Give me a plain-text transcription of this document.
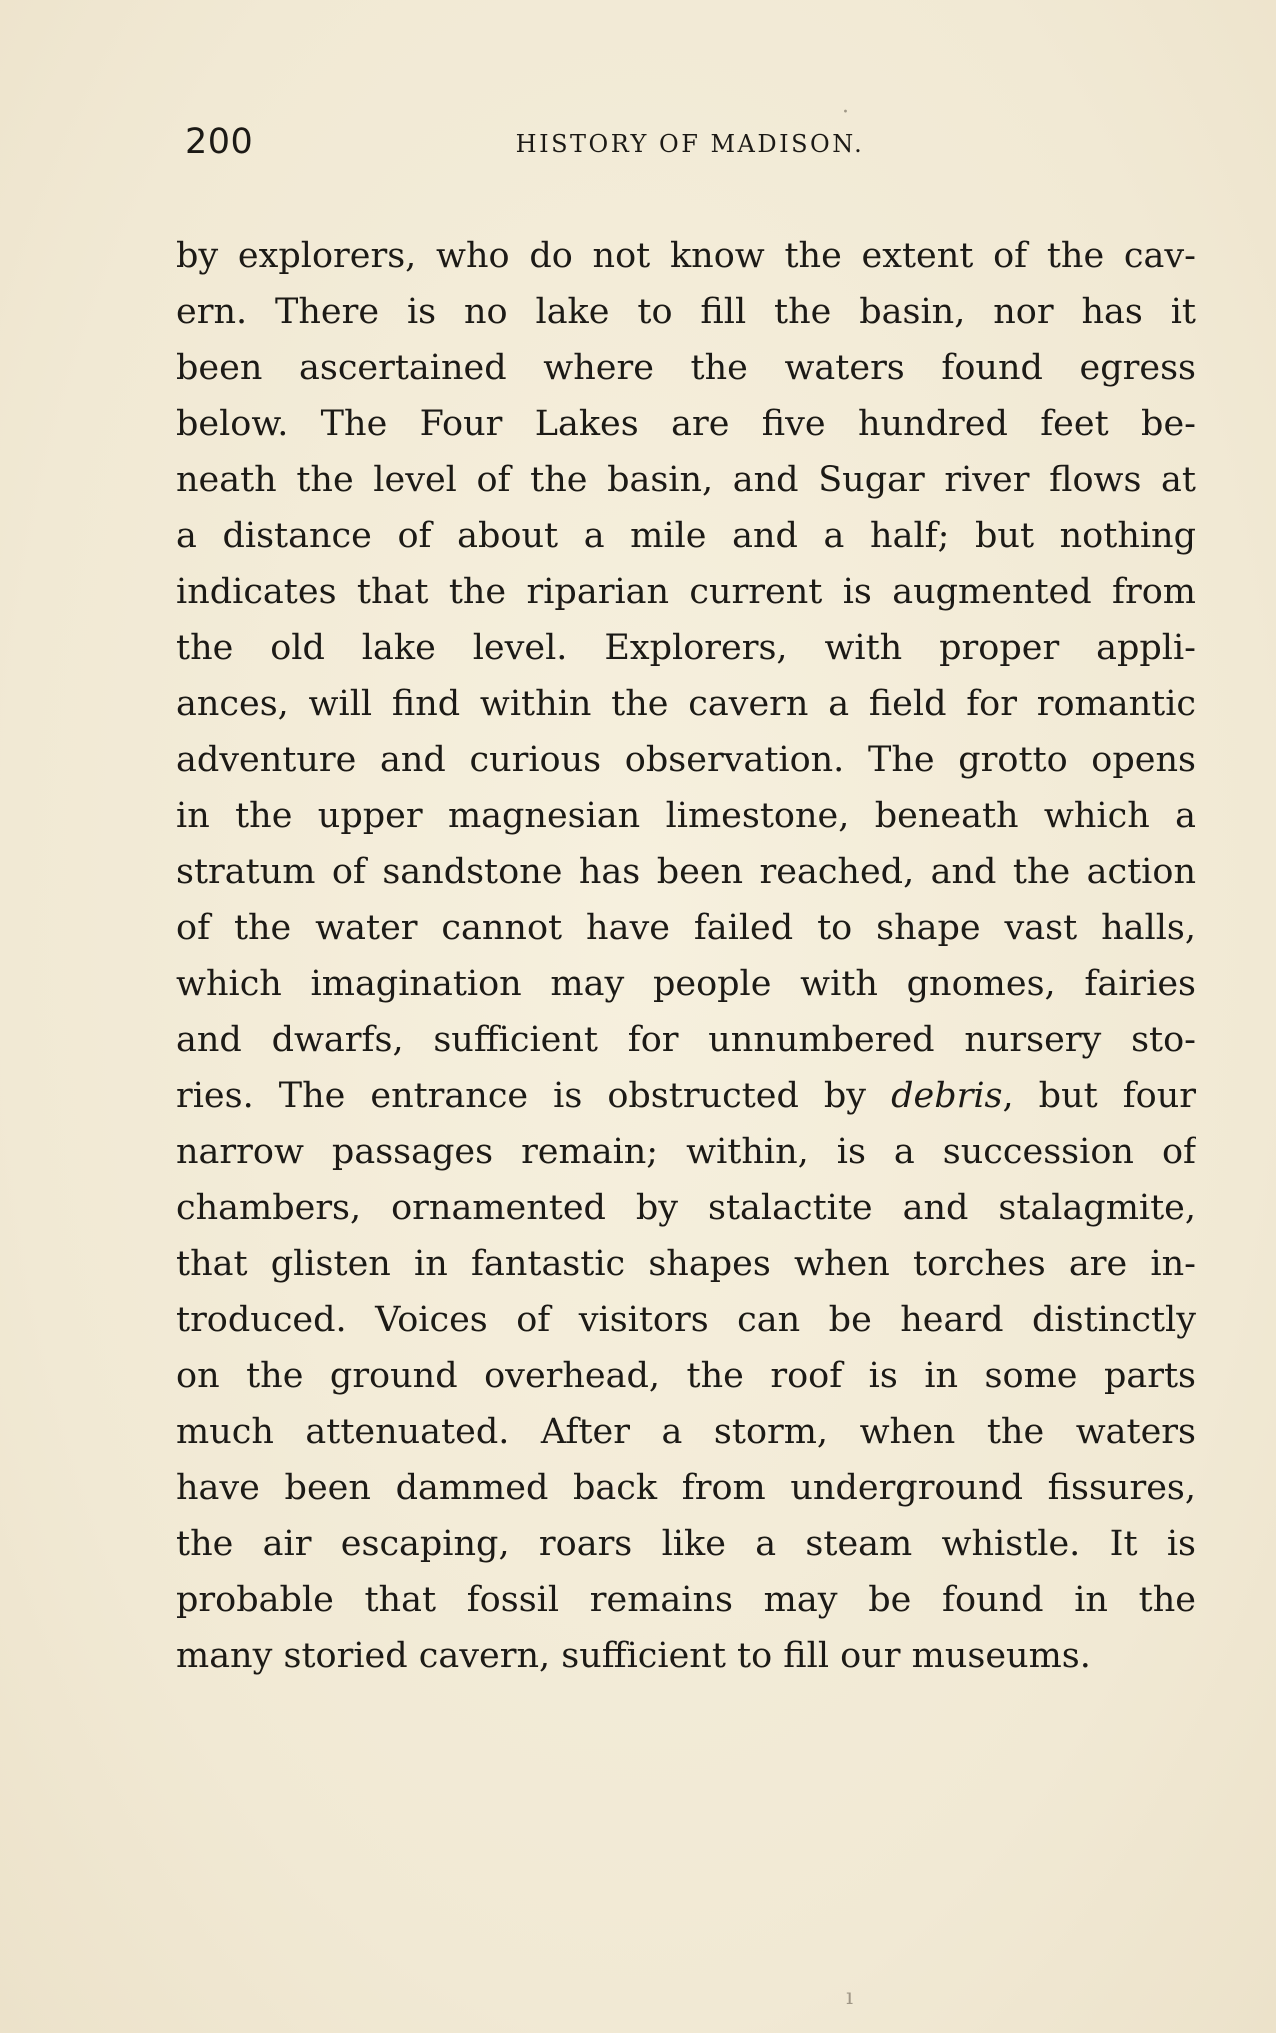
200	HISTORY OF MADISON.
by explorers, who do not know the extent of the cav-
ern. There is no lake to fill the basin, nor has it
been ascertained where the waters found egress
below. The Four Lakes are five hundred feet be-
neath the level of the basin, and Sugar river flows at
a distance of about a mile and a half; but nothing
indicates that the riparian current is augmented from
the old lake level. Explorers, with proper appli-
ances, will find within the cavern a field for romantic
adventure and curious observation. The grotto opens
in the upper magnesian limestone, beneath which a
stratum of sandstone has been reached, and the action
of the water cannot have failed to shape vast halls,
which imagination may people with gnomes, fairies
and dwarfs, sufficient for unnumbered nursery sto-
ries. The entrance is obstructed by debris, but four
narrow passages remain; within, is a succession of
chambers, ornamented by stalactite and stalagmite,
that glisten in fantastic shapes when torches are in-
troduced. Voices of visitors can be heard distinctly
on the ground overhead, the roof is in some parts
much attenuated. After a storm, when the waters
have been dammed back from underground fissures,
the air escaping, roars like a steam whistle. It is
probable that fossil remains may be found in the
many storied cavern, sufficient to fill our museums.
·
ı
